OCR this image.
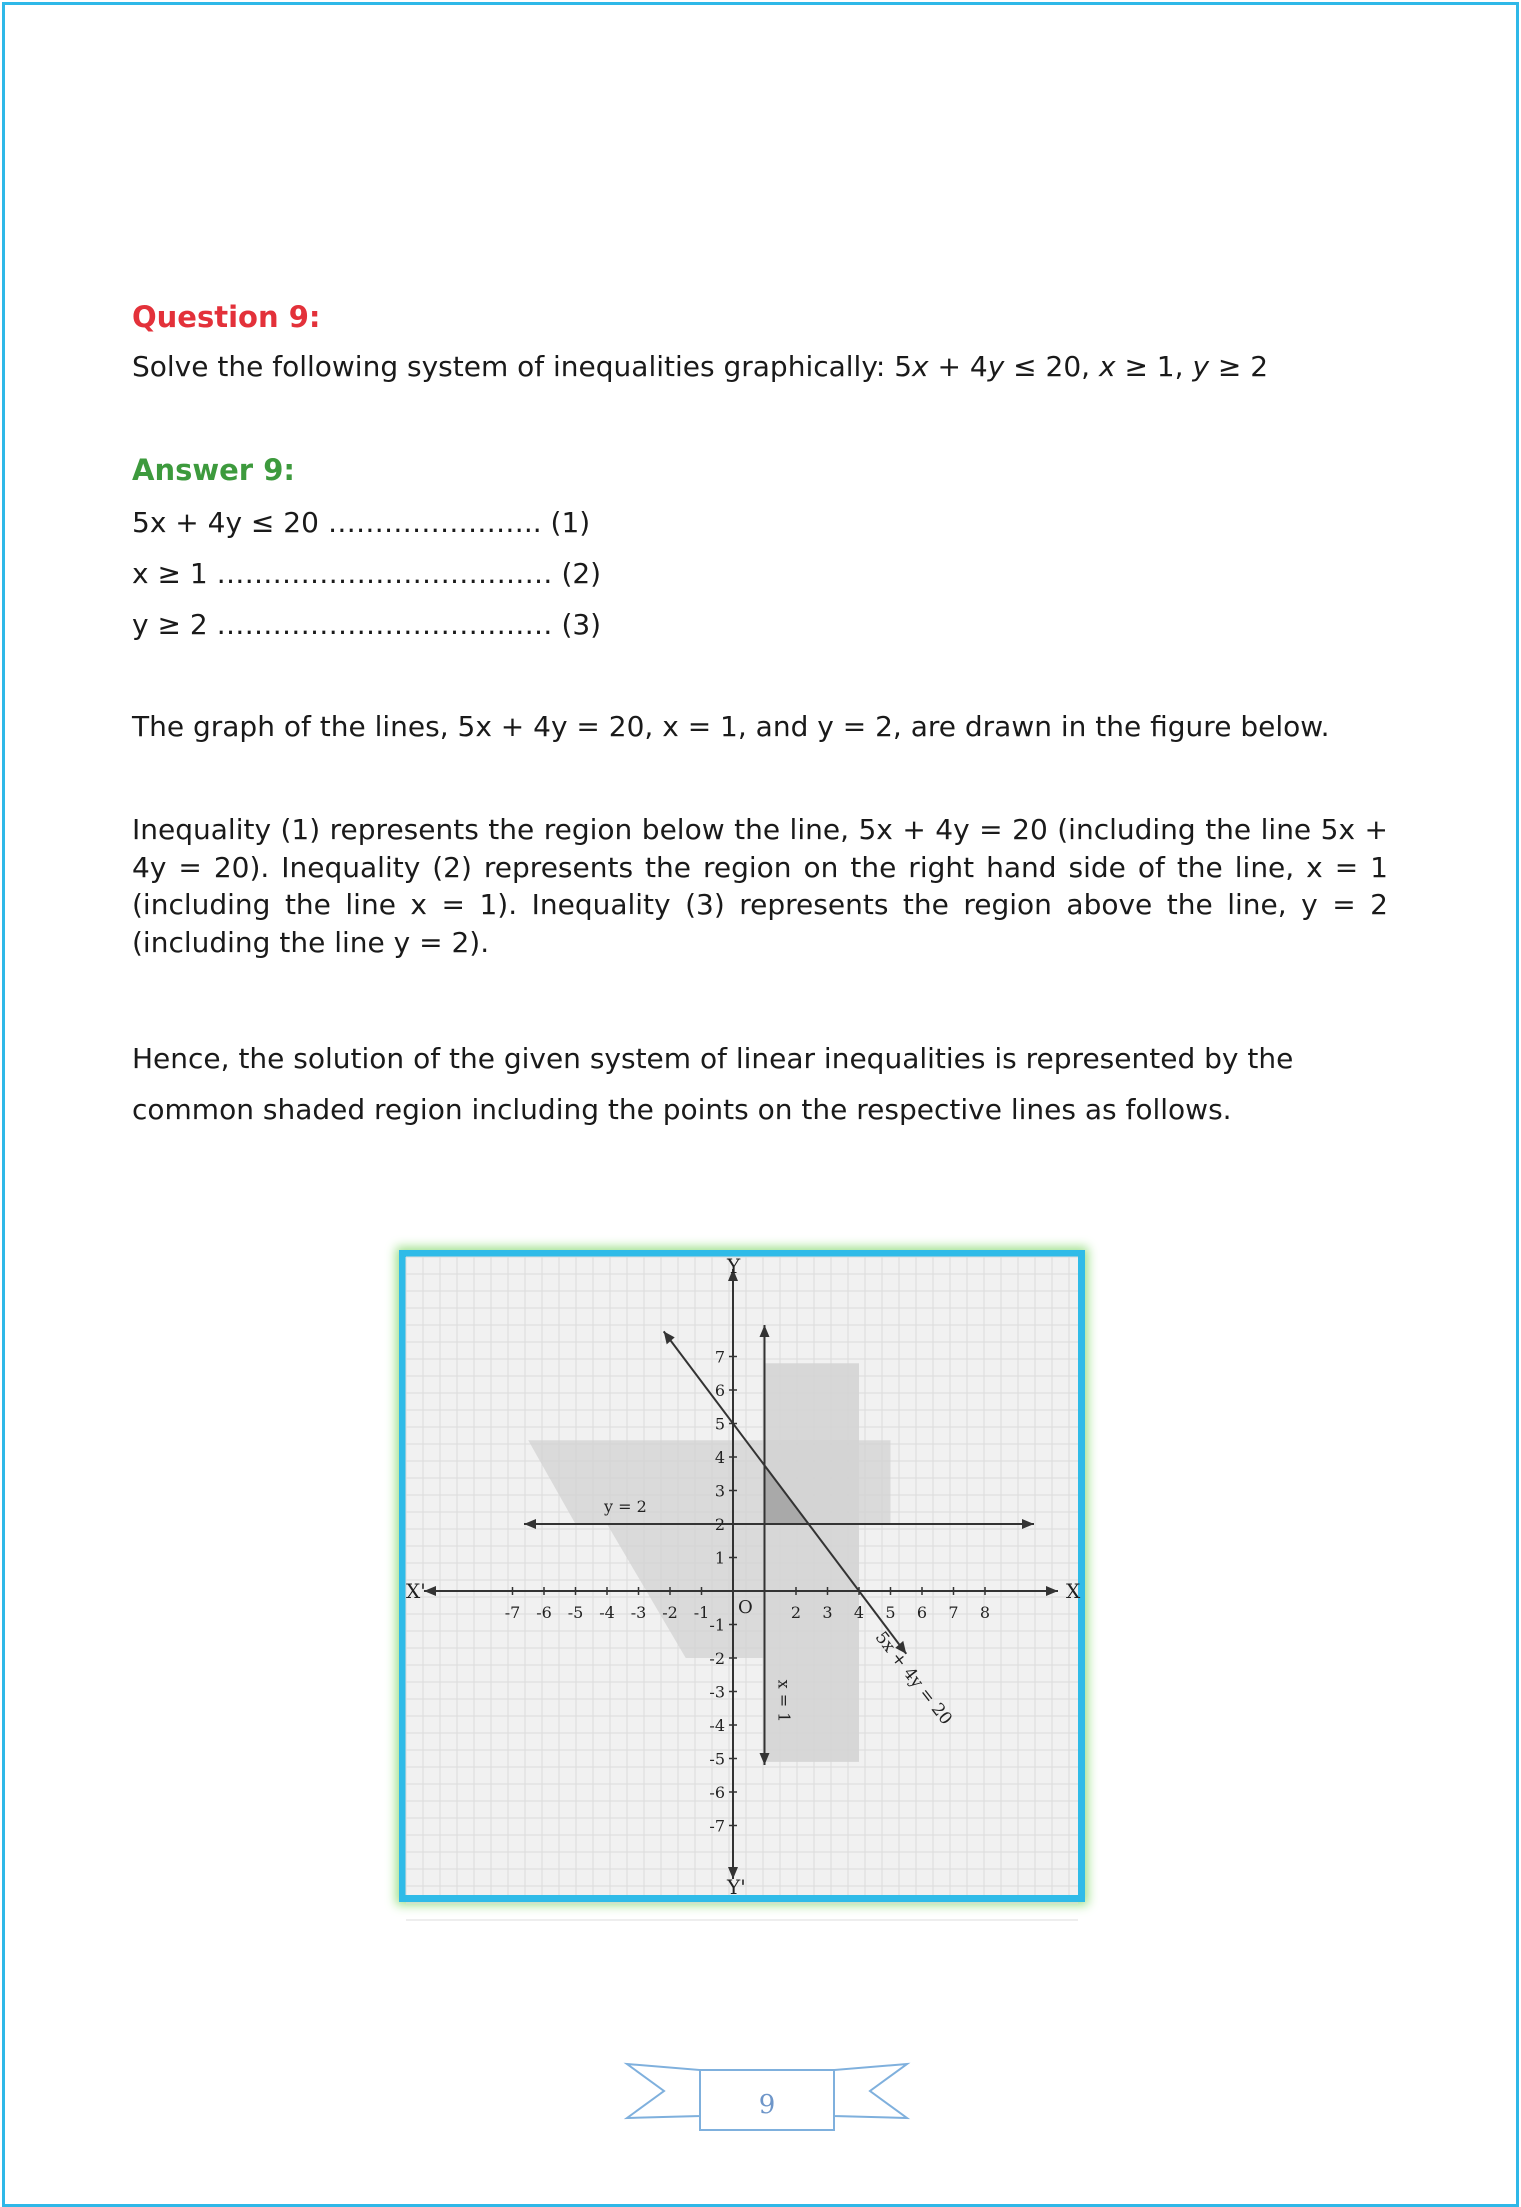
Question 9:
Solve the following system of inequalities graphically: 5x + 4y ≤ 20, x ≥ 1, y ≥ 2
Answer 9:
5x + 4y ≤ 20 ………………….. (1)
x ≥ 1 ……………………………… (2)
y ≥ 2 ……………………………… (3)
The graph of the lines, 5x + 4y = 20, x = 1, and y = 2, are drawn in the figure below.
Inequality (1) represents the region below the line, 5x + 4y = 20 (including the line 5x + 4y = 20). Inequality (2) represents the region on the right hand side of the line, x = 1 (including the line x = 1). Inequality (3) represents the region above the line, y = 2 (including the line y = 2).
Hence, the solution of the given system of linear inequalities is represented by the
common shaded region including the points on the respective lines as follows.
-7 -6 -5 -4 -3 -2 -1	2 3 4 5 6 7 8
7
6
5
4
3
2
1
-1
-2
-3
-4
-5
-6
-7
X
X'
Y
Y'
O
y = 2
x = 1	5x + 4y = 20
9
